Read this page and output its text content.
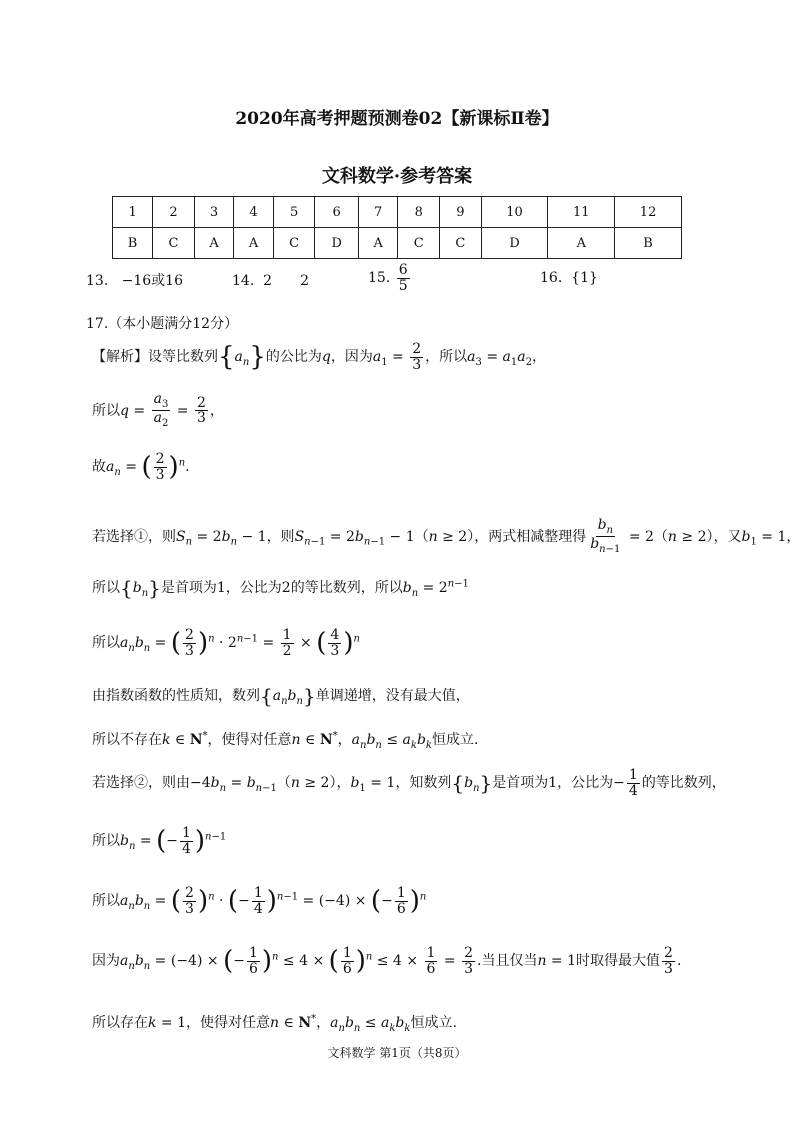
2020年高考押题预测卷02【新课标Ⅱ卷】
文科数学·参考答案
1	2	3	4	5	6	7	8	9	10	11	12
B	C	A	A	C	D	A	C	C	D	A	B
13. −16或16	14. 2　　2	15. $\frac{6}{5}$	16. {1}
17.（本小题满分12分）
【解析】设等比数列$\{a_n\}$的公比为q，因为$a_1 = \frac{2}{3}$ ，所以$a_3 = a_1a_2$，
所以$q = \frac{a_3}{a_2} = \frac{2}{3}$ ，
故$a_n$ = ( $\frac{2}{3} )^n$.
若选择①，则$S_n = 2b_n - 1$，则$S_{n-1} = 2b_{n-1} - 1(n \ge 2)$，两式相减整理得 $\frac{b_n}{b_{n-1}} = 2(n \ge 2)$，又$b_1 = 1$，
所以$\{b_n\}$是首项为1，公比为2的等比数列，所以$b_n = 2^{n-1}$
所以$a_nb_n$ = ( $\frac{2}{3} )^n \cdot 2^{n-1} = \frac{1}{2}$ × ( $\frac{4}{3} )^n$
由指数函数的性质知，数列$\{a_nb_n\}$单调递增，没有最大值，
所以不存在k ∈ N*，使得对任意n ∈ N*，$a_nb_n \le a_kb_k$恒成立.
若选择②，则由$-4b_n = b_{n-1}(n \ge 2)$，$b_1 = 1$，知数列$\{b_n\}$是首项为1，公比为− $\frac{1}{4}$ 的等比数列，
所以$b_n$ = (− $\frac{1}{4} )^{n-1}$
所以$a_nb_n$ = ( $\frac{2}{3} )^n$ · (− $\frac{1}{4} )^{n-1} = (-4)$ × (− $\frac{1}{6} )^n$
因为$a_nb_n = (-4)$ × (− $\frac{1}{6} )^n \le 4$ × ( $\frac{1}{6} )^n \le 4 \times \frac{1}{6} = \frac{2}{3}$ .当且仅当n = 1时取得最大值 $\frac{2}{3}$ .
所以存在k = 1，使得对任意n ∈ N*，$a_nb_n \le a_kb_k$恒成立.
文科数学 第1页（共8页）
